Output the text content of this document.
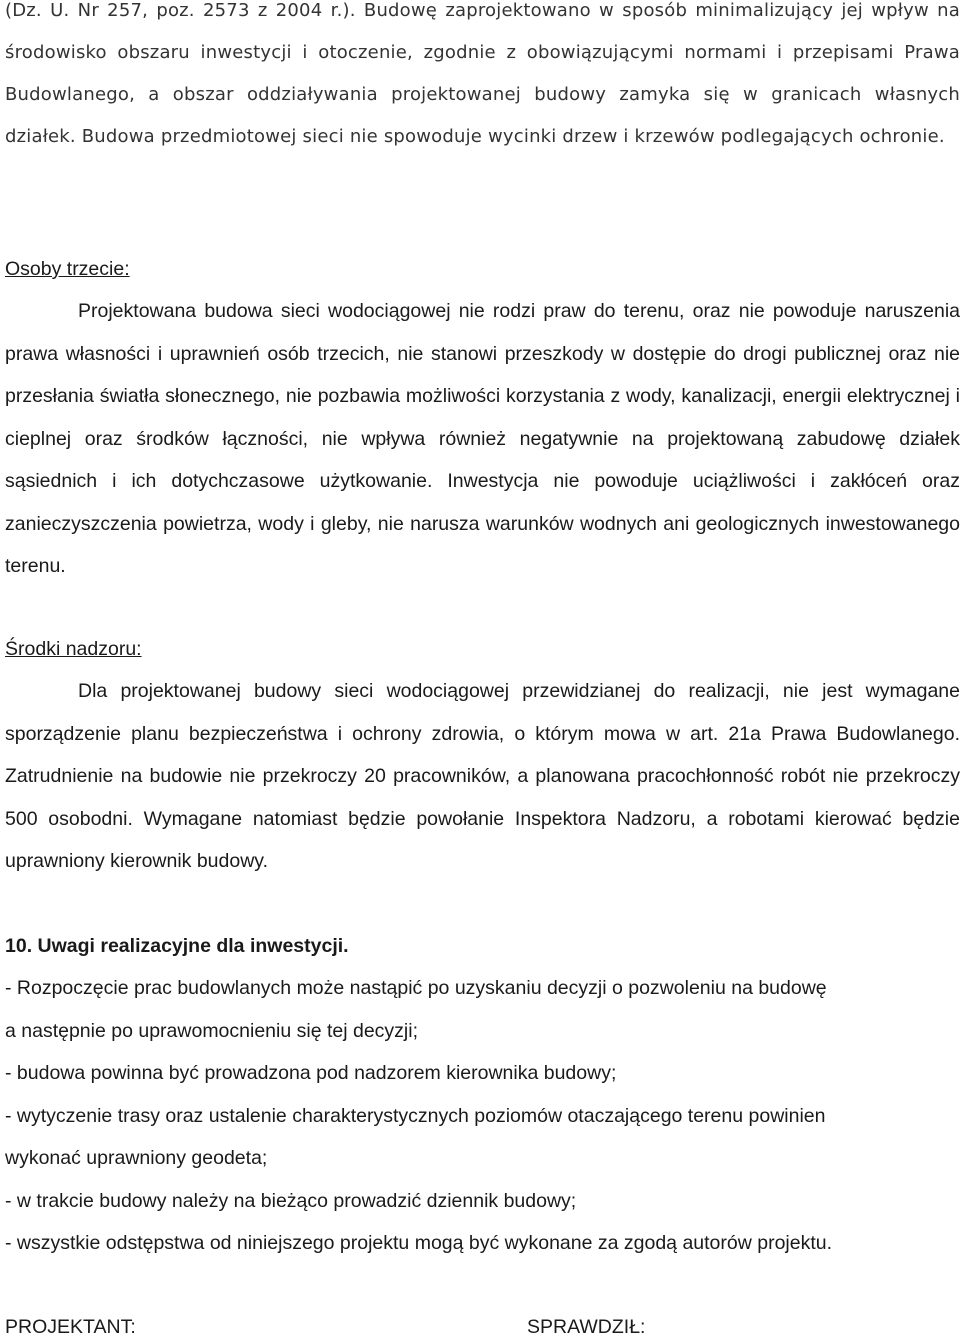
(Dz. U. Nr 257, poz. 2573 z 2004 r.). Budowę zaprojektowano w sposób minimalizujący jej wpływ na środowisko obszaru inwestycji i otoczenie, zgodnie z obowiązującymi normami i przepisami Prawa Budowlanego, a obszar oddziaływania projektowanej budowy zamyka się w granicach własnych działek. Budowa przedmiotowej sieci nie spowoduje wycinki drzew i krzewów podlegających ochronie.
Osoby trzecie:
Projektowana budowa sieci wodociągowej nie rodzi praw do terenu, oraz nie powoduje naruszenia prawa własności i uprawnień osób trzecich, nie stanowi przeszkody w dostępie do drogi publicznej oraz nie przesłania światła słonecznego, nie pozbawia możliwości korzystania z wody, kanalizacji, energii elektrycznej i cieplnej oraz środków łączności, nie wpływa również negatywnie na projektowaną zabudowę działek sąsiednich i ich dotychczasowe użytkowanie. Inwestycja nie powoduje uciążliwości i zakłóceń oraz zanieczyszczenia powietrza, wody i gleby, nie narusza warunków wodnych ani geologicznych inwestowanego terenu.
Środki nadzoru:
Dla projektowanej budowy sieci wodociągowej przewidzianej do realizacji, nie jest wymagane sporządzenie planu bezpieczeństwa i ochrony zdrowia, o którym mowa w art. 21a Prawa Budowlanego. Zatrudnienie na budowie nie przekroczy 20 pracowników, a planowana pracochłonność robót nie przekroczy 500 osobodni. Wymagane natomiast będzie powołanie Inspektora Nadzoru, a robotami kierować będzie uprawniony kierownik budowy.
10. Uwagi realizacyjne dla inwestycji.
- Rozpoczęcie prac budowlanych może nastąpić po uzyskaniu decyzji o pozwoleniu na budowę
a następnie po uprawomocnieniu się tej decyzji;
- budowa powinna być prowadzona pod nadzorem kierownika budowy;
- wytyczenie trasy oraz ustalenie charakterystycznych poziomów otaczającego terenu powinien
wykonać uprawniony geodeta;
- w trakcie budowy należy na bieżąco prowadzić dziennik budowy;
- wszystkie odstępstwa od niniejszego projektu mogą być wykonane za zgodą autorów projektu.
PROJEKTANT:	SPRAWDZIŁ:
